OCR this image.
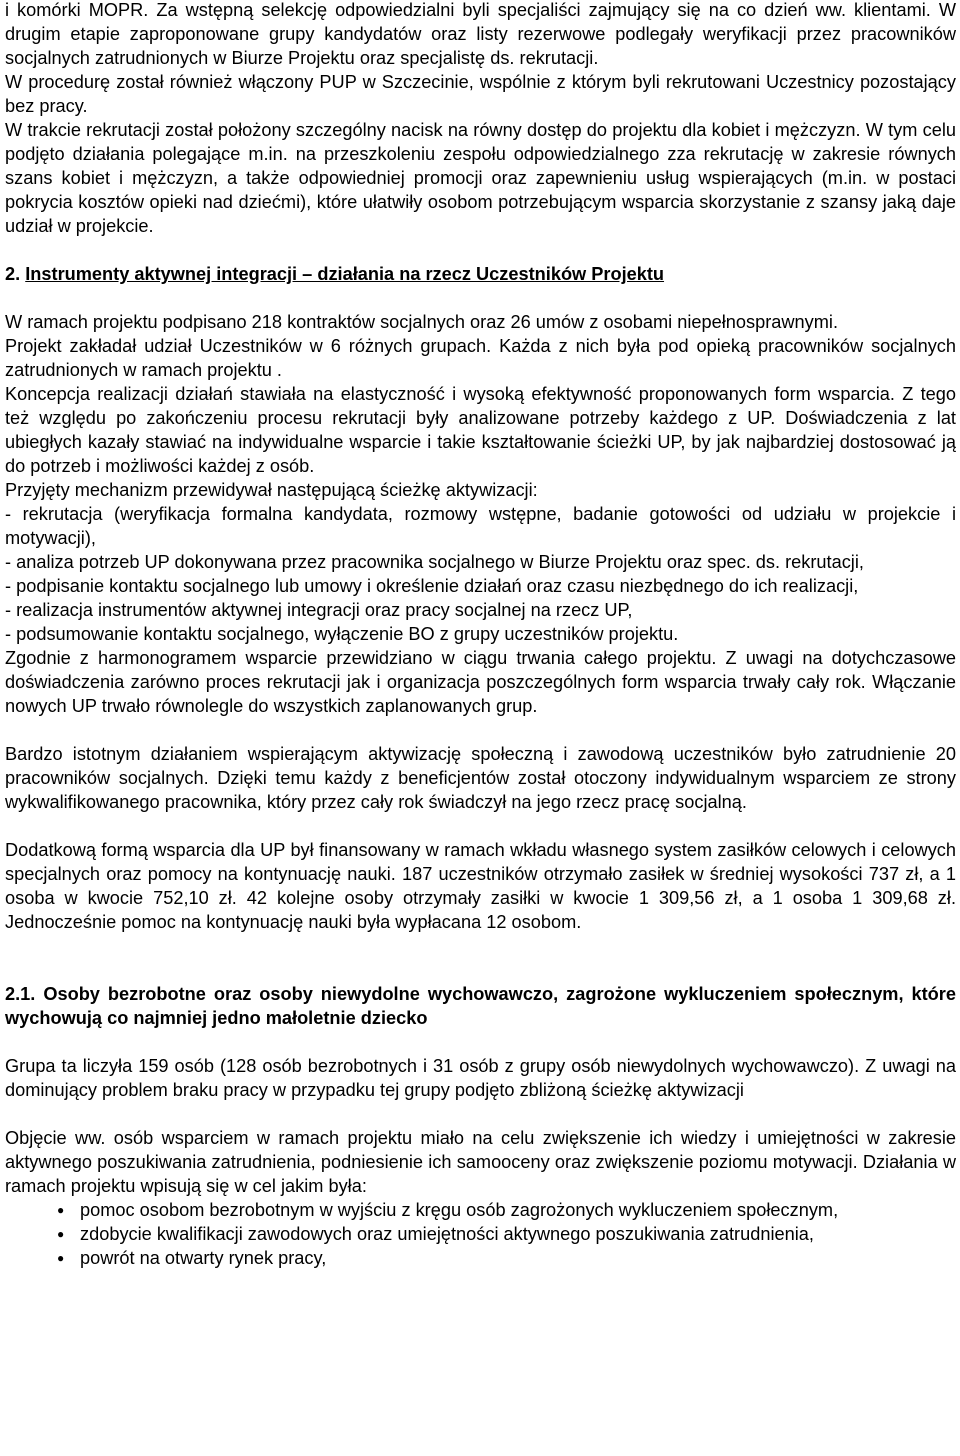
i komórki MOPR. Za wstępną selekcję odpowiedzialni byli specjaliści zajmujący się na co dzień ww. klientami. W drugim etapie zaproponowane grupy kandydatów oraz listy rezerwowe podlegały weryfikacji przez pracowników socjalnych zatrudnionych w Biurze Projektu oraz specjalistę ds. rekrutacji.

W procedurę został również włączony PUP w Szczecinie, wspólnie z którym byli rekrutowani Uczestnicy pozostający bez pracy.

W trakcie rekrutacji został położony szczególny nacisk na równy dostęp do projektu dla kobiet i mężczyzn. W tym celu podjęto działania polegające m.in. na przeszkoleniu zespołu odpowiedzialnego zza rekrutację w zakresie równych szans kobiet i mężczyzn, a także odpowiedniej promocji oraz zapewnieniu usług wspierających (m.in. w postaci pokrycia kosztów opieki nad dziećmi), które ułatwiły osobom potrzebującym wsparcia skorzystanie z szansy jaką daje udział w projekcie.

2. Instrumenty aktywnej integracji – działania na rzecz Uczestników Projektu

W ramach projektu podpisano 218 kontraktów socjalnych oraz 26 umów z osobami niepełnosprawnymi.

Projekt zakładał udział Uczestników w 6 różnych grupach. Każda z nich była pod opieką pracowników socjalnych zatrudnionych w ramach projektu .

Koncepcja realizacji działań stawiała na elastyczność i wysoką efektywność proponowanych form wsparcia. Z tego też względu po zakończeniu procesu rekrutacji były analizowane potrzeby każdego z UP. Doświadczenia z lat ubiegłych kazały stawiać na indywidualne wsparcie i takie kształtowanie ścieżki UP, by jak najbardziej dostosować ją do potrzeb i możliwości każdej z osób.

Przyjęty mechanizm przewidywał następującą ścieżkę aktywizacji:

- rekrutacja (weryfikacja formalna kandydata, rozmowy wstępne, badanie gotowości od udziału w projekcie i motywacji),

- analiza potrzeb UP dokonywana przez pracownika socjalnego w Biurze Projektu oraz spec. ds. rekrutacji,

- podpisanie kontaktu socjalnego lub umowy i określenie działań oraz czasu niezbędnego do ich realizacji,

- realizacja instrumentów aktywnej integracji oraz pracy socjalnej na rzecz UP,

- podsumowanie kontaktu socjalnego, wyłączenie BO z grupy uczestników projektu.

Zgodnie z harmonogramem wsparcie przewidziano w ciągu trwania całego projektu. Z uwagi na dotychczasowe doświadczenia zarówno proces rekrutacji jak i organizacja poszczególnych form wsparcia trwały cały rok. Włączanie nowych UP trwało równolegle do wszystkich zaplanowanych grup.

Bardzo istotnym działaniem wspierającym aktywizację społeczną i zawodową uczestników było zatrudnienie 20 pracowników socjalnych. Dzięki temu każdy z beneficjentów został otoczony indywidualnym wsparciem ze strony wykwalifikowanego pracownika, który przez cały rok świadczył na jego rzecz pracę socjalną.

Dodatkową formą wsparcia dla UP był finansowany w ramach wkładu własnego system zasiłków celowych i celowych specjalnych oraz pomocy na kontynuację nauki. 187 uczestników otrzymało zasiłek w średniej wysokości 737 zł, a 1 osoba w kwocie 752,10 zł. 42 kolejne osoby otrzymały zasiłki w kwocie 1 309,56 zł, a 1 osoba 1 309,68 zł. Jednocześnie pomoc na kontynuację nauki była wypłacana 12 osobom.

2.1. Osoby bezrobotne oraz osoby niewydolne wychowawczo, zagrożone wykluczeniem społecznym, które wychowują co najmniej jedno małoletnie dziecko

Grupa ta liczyła 159 osób (128 osób bezrobotnych i 31 osób z grupy osób niewydolnych wychowawczo). Z uwagi na dominujący problem braku pracy w przypadku tej grupy podjęto zbliżoną ścieżkę aktywizacji

Objęcie ww. osób wsparciem w ramach projektu miało na celu zwiększenie ich wiedzy i umiejętności w zakresie aktywnego poszukiwania zatrudnienia, podniesienie ich samooceny oraz zwiększenie poziomu motywacji. Działania w ramach projektu wpisują się w cel jakim była:

● pomoc osobom bezrobotnym w wyjściu z kręgu osób zagrożonych wykluczeniem społecznym,
● zdobycie kwalifikacji zawodowych oraz umiejętności aktywnego poszukiwania zatrudnienia,
● powrót na otwarty rynek pracy,
